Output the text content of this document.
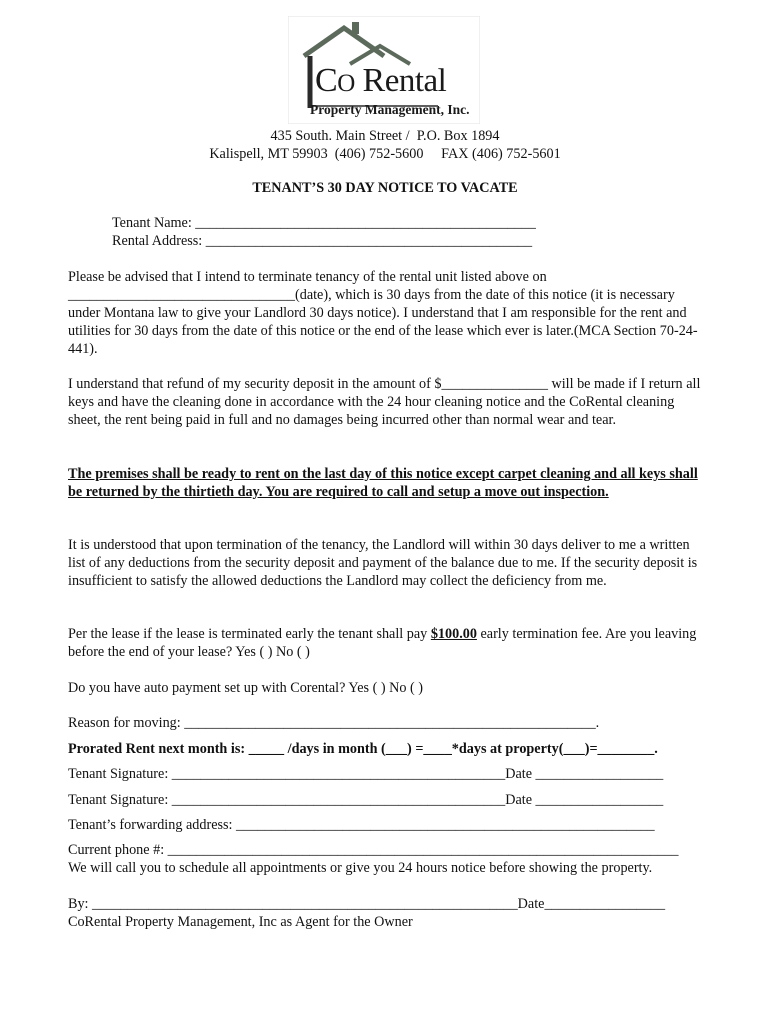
CO Rental
Property Management, Inc.
435 South. Main Street /  P.O. Box 1894
Kalispell, MT 59903  (406) 752-5600     FAX (406) 752-5601
TENANT’S 30 DAY NOTICE TO VACATE
Tenant Name: ________________________________________________
Rental Address: ______________________________________________
Please be advised that I intend to terminate tenancy of the rental unit listed above on ________________________________(date), which is 30 days from the date of this notice (it is necessary under Montana law to give your Landlord 30 days notice). I understand that I am responsible for the rent and utilities for 30 days from the date of this notice or the end of the lease which ever is later.(MCA Section 70-24-441).
I understand that refund of my security deposit in the amount of $_______________ will be made if I return all keys and have the cleaning done in accordance with the 24 hour cleaning notice and the CoRental cleaning sheet, the rent being paid in full and no damages being incurred other than normal wear and tear.
The premises shall be ready to rent on the last day of this notice except carpet cleaning and all keys shall be returned by the thirtieth day. You are required to call and setup a move out inspection.
It is understood that upon termination of the tenancy, the Landlord will within 30 days deliver to me a written list of any deductions from the security deposit and payment of the balance due to me. If the security deposit is insufficient to satisfy the allowed deductions the Landlord may collect the deficiency from me.
Per the lease if the lease is terminated early the tenant shall pay $100.00 early termination fee. Are you leaving before the end of your lease? Yes ( ) No ( )
Do you have auto payment set up with Corental? Yes ( ) No ( )
Reason for moving: __________________________________________________________.
Prorated Rent next month is: _____ /days in month (___) =____*days at property(___)=________.
Tenant Signature: _______________________________________________Date __________________
Tenant Signature: _______________________________________________Date __________________
Tenant’s forwarding address: ___________________________________________________________
Current phone #: ________________________________________________________________________
We will call you to schedule all appointments or give you 24 hours notice before showing the property.
By: ____________________________________________________________Date_________________
CoRental Property Management, Inc as Agent for the Owner
